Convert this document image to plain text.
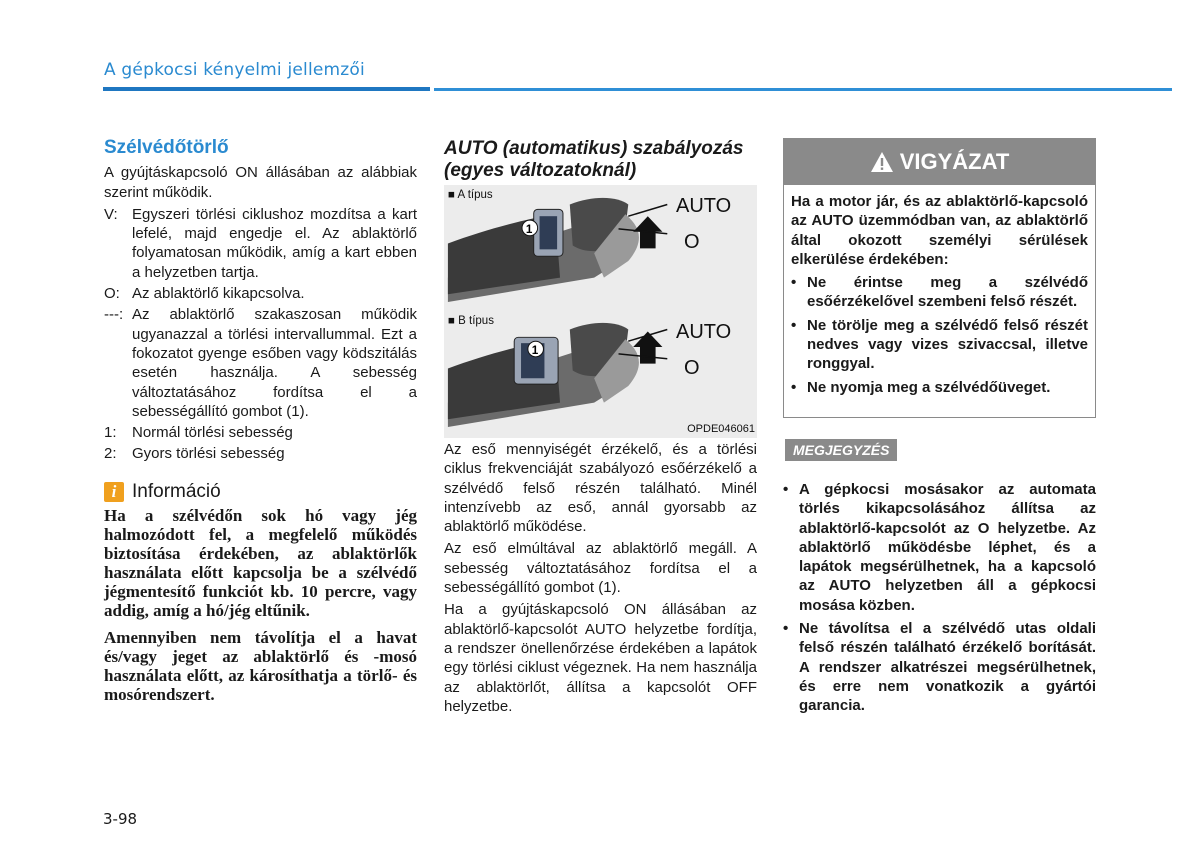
A gépkocsi kényelmi jellemzői
Szélvédőtörlő

A gyújtáskapcsoló ON állásában az alábbiak szerint működik.

V: Egyszeri törlési ciklushoz mozdítsa a kart lefelé, majd engedje el. Az ablaktörlő folyamatosan működik, amíg a kart ebben a helyzetben tartja.
O: Az ablaktörlő kikapcsolva.
---: Az ablaktörlő szakaszosan működik ugyanazzal a törlési intervallummal. Ezt a fokozatot gyenge esőben vagy ködszitálás esetén használja. A sebesség változtatásához fordítsa el a sebességállító gombot (1).
1:	Normál törlési sebesség
2:	Gyors törlési sebesség
i Információ

Ha a szélvédőn sok hó vagy jég halmozódott fel, a megfelelő működés biztosítása érdekében, az ablaktörlők használata előtt kapcsolja be a szélvédő jégmentesítő funkciót kb. 10 percre, vagy addig, amíg a hó/jég eltűnik.

Amennyiben nem távolítja el a havat és/vagy jeget az ablaktörlő és -mosó használata előtt, az károsíthatja a törlő- és mosórendszert.

AUTO (automatikus) szabályozás (egyes változatoknál)
■ A típus
1
AUTO
O
■ B típus
1
AUTO
O
OPDE046061

Az eső mennyiségét érzékelő, és a törlési ciklus frekvenciáját szabályozó esőérzékelő a szélvédő felső részén található. Minél intenzívebb az eső, annál gyorsabb az ablaktörlő működése.

Az eső elmúltával az ablaktörlő megáll. A sebesség változtatásához fordítsa el a sebességállító gombot (1).

Ha a gyújtáskapcsoló ON állásában az ablaktörlő-kapcsolót AUTO helyzetbe fordítja, a rendszer önellenőrzése érdekében a lapátok egy törlési ciklust végeznek. Ha nem használja az ablaktörlőt, állítsa a kapcsolót OFF helyzetbe.

VIGYÁZAT

Ha a motor jár, és az ablaktörlő-kapcsoló az AUTO üzemmódban van, az ablaktörlő által okozott személyi sérülések elkerülése érdekében:

• Ne érintse meg a szélvédő esőérzékelővel szembeni felső részét.
• Ne törölje meg a szélvédő felső részét nedves vagy vizes szivaccsal, illetve ronggyal.
• Ne nyomja meg a szélvédőüveget.
MEGJEGYZÉS
• A gépkocsi mosásakor az automata törlés kikapcsolásához állítsa az ablaktörlő-kapcsolót az O helyzetbe. Az ablaktörlő működésbe léphet, és a lapátok megsérülhetnek, ha a kapcsoló az AUTO helyzetben áll a gépkocsi mosása közben.
• Ne távolítsa el a szélvédő utas oldali felső részén található érzékelő borítását. A rendszer alkatrészei megsérülhetnek, és erre nem vonatkozik a gyártói garancia.
3-98
